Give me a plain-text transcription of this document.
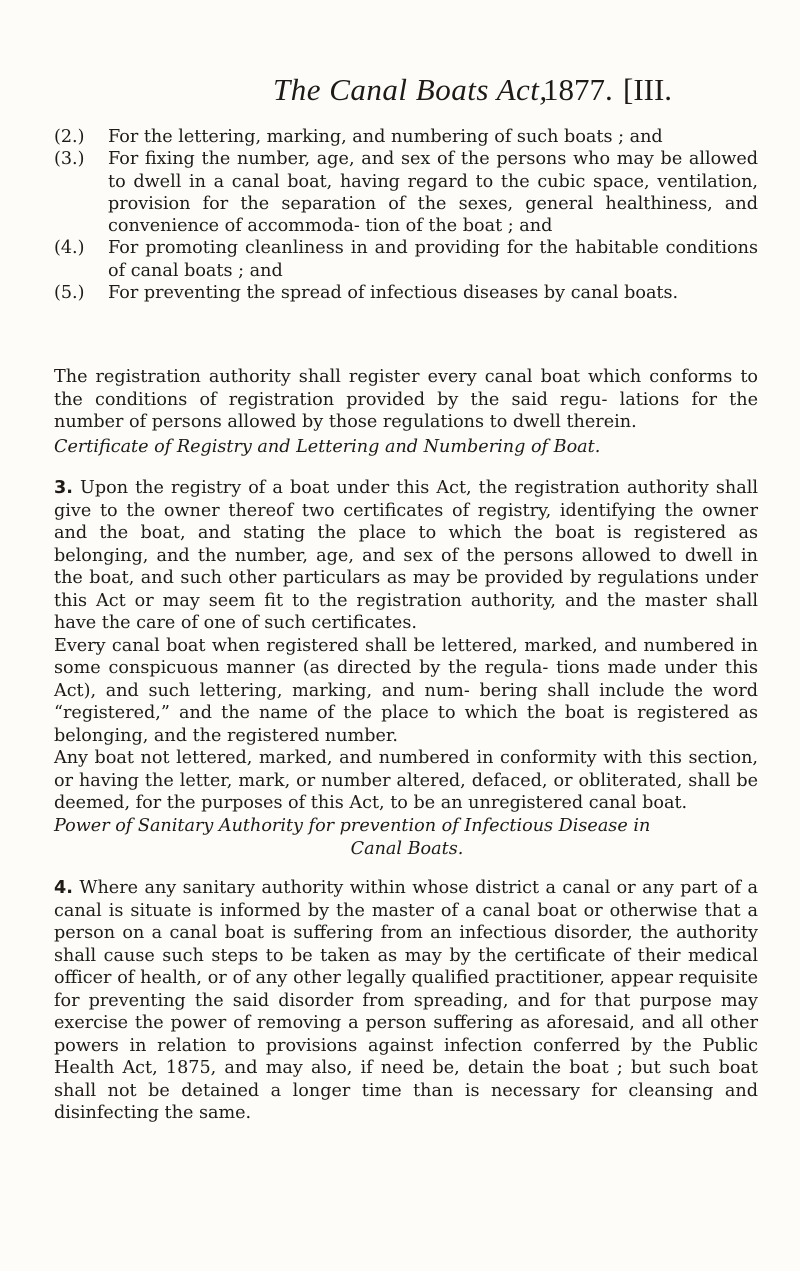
The Canal Boats Act,
1877. [III.
(2.) For the lettering, marking, and numbering of such boats ; and
(3.) For fixing the number, age, and sex of the persons who may be allowed to dwell in a canal boat, having regard to the cubic space, ventilation, provision for the separation of the sexes, general healthiness, and convenience of accommoda- tion of the boat ; and
(4.) For promoting cleanliness in and providing for the habitable conditions of canal boats ; and
(5.) For preventing the spread of infectious diseases by canal boats.

The registration authority shall register every canal boat which conforms to the conditions of registration provided by the said regu- lations for the number of persons allowed by those regulations to dwell therein.

Certificate of Registry and Lettering and Numbering of Boat.

3. Upon the registry of a boat under this Act, the registration authority shall give to the owner thereof two certificates of registry, identifying the owner and the boat, and stating the place to which the boat is registered as belonging, and the number, age, and sex of the persons allowed to dwell in the boat, and such other particulars as may be provided by regulations under this Act or may seem fit to the registration authority, and the master shall have the care of one of such certificates.

Every canal boat when registered shall be lettered, marked, and numbered in some conspicuous manner (as directed by the regula- tions made under this Act), and such lettering, marking, and num- bering shall include the word “registered,” and the name of the place to which the boat is registered as belonging, and the registered number.

Any boat not lettered, marked, and numbered in conformity with this section, or having the letter, mark, or number altered, defaced, or obliterated, shall be deemed, for the purposes of this Act, to be an unregistered canal boat.

Power of Sanitary Authority for prevention of Infectious Disease in
Canal Boats.

4. Where any sanitary authority within whose district a canal or any part of a canal is situate is informed by the master of a canal boat or otherwise that a person on a canal boat is suffering from an infectious disorder, the authority shall cause such steps to be taken as may by the certificate of their medical officer of health, or of any other legally qualified practitioner, appear requisite for preventing the said disorder from spreading, and for that purpose may exercise the power of removing a person suffering as aforesaid, and all other powers in relation to provisions against infection conferred by the Public Health Act, 1875, and may also, if need be, detain the boat ; but such boat shall not be detained a longer time than is necessary for cleansing and disinfecting the same.
